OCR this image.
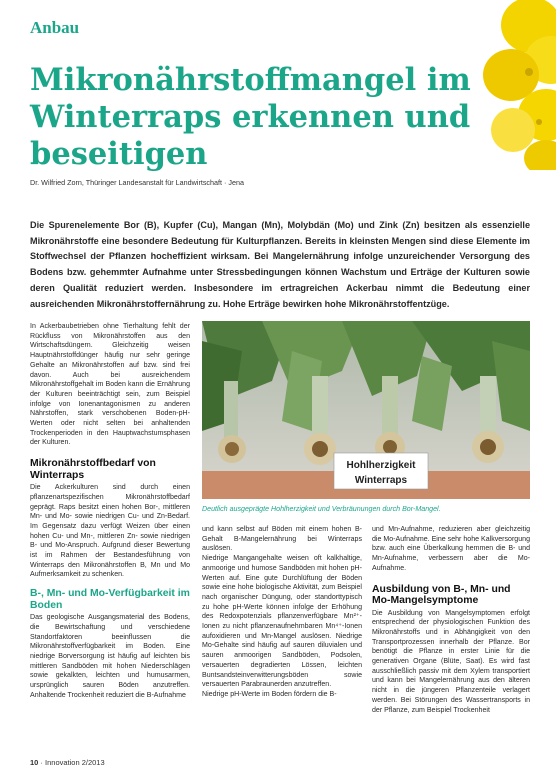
Anbau
Mikronährstoffmangel im
Winterraps erkennen und
beseitigen
Dr. Wilfried Zorn, Thüringer Landesanstalt für Landwirtschaft · Jena

Die Spurenelemente Bor (B), Kupfer (Cu), Mangan (Mn), Molybdän (Mo) und Zink (Zn) besitzen als essenzielle Mikronährstoffe eine besondere Bedeutung für Kulturpflanzen. Bereits in kleinsten Mengen sind diese Elemente im Stoffwechsel der Pflanzen hocheffizient wirksam. Bei Mangelernährung infolge unzureichender Versorgung des Bodens bzw. gehemmter Aufnahme unter Stressbedingungen können Wachstum und Erträge der Kulturen sowie deren Qualität reduziert werden. Insbesondere im ertragreichen Ackerbau nimmt die Bedeutung einer ausreichenden Mikronährstoffernährung zu. Hohe Erträge bewirken hohe Mikronährstoffentzüge.

In Ackerbaubetrieben ohne Tierhaltung fehlt der Rückfluss von Mikronährstoffen aus den Wirtschaftsdüngern. Gleichzeitig weisen Hauptnährstoffdünger häufig nur sehr geringe Gehalte an Mikronährstoffen auf bzw. sind frei davon. Auch bei ausreichendem Mikronährstoffgehalt im Boden kann die Ernährung der Kulturen beeinträchtigt sein, zum Beispiel infolge von Ionenantagonismen zu anderen Nährstoffen, stark verschobenen Boden-pH-Werten oder nicht selten bei anhaltenden Trockenperioden in den Hauptwachstumsphasen der Kulturen.

Mikronährstoffbedarf von Winterraps

Die Ackerkulturen sind durch einen pflanzenartspezifischen Mikronährstoffbedarf geprägt. Raps besitzt einen hohen Bor-, mittleren Mn- und Mo- sowie niedrigen Cu- und Zn-Bedarf. Im Gegensatz dazu verfügt Weizen über einen hohen Cu- und Mn-, mittleren Zn- sowie niedrigen B- und Mo-Anspruch. Aufgrund dieser Bewertung ist im Rahmen der Bestandesführung von Winterraps den Mikronährstoffen B, Mn und Mo Aufmerksamkeit zu schenken.

B-, Mn- und Mo-Verfügbarkeit im Boden

Das geologische Ausgangsmaterial des Bodens, die Bewirtschaftung und verschiedene Standortfaktoren beeinflussen die Mikronährstoffverfügbarkeit im Boden. Eine niedrige Borversorgung ist häufig auf leichten bis mittleren Sandböden mit hohen Niederschlägen sowie gekalkten, leichten und humusarmen, ursprünglich sauren Böden anzutreffen. Anhaltende Trockenheit reduziert die B-Aufnahme

Hohlherzigkeit
Winterraps
Deutlich ausgeprägte Hohlherzigkeit und Verbräunungen durch Bor-Mangel.

und kann selbst auf Böden mit einem hohen B-Gehalt B-Mangelernährung bei Winterraps auslösen.

Niedrige Mangangehalte weisen oft kalkhaltige, anmoorige und humose Sandböden mit hohen pH-Werten auf. Eine gute Durchlüftung der Böden sowie eine hohe biologische Aktivität, zum Beispiel nach organischer Düngung, oder standorttypisch zu hohe pH-Werte können infolge der Erhöhung des Redoxpotenzials pflanzenverfügbare Mn²⁺-Ionen zu nicht pflanzenaufnehmbaren Mn⁴⁺-Ionen aufoxidieren und Mn-Mangel auslösen. Niedrige Mo-Gehalte sind häufig auf sauren diluvialen und sauren anmoorigen Sandböden, Podsolen, versauerten degradierten Lössen, leichten Buntsandsteinverwitterungsböden sowie versauerten Parabraunerden anzutreffen.

Niedrige pH-Werte im Boden fördern die B-

und Mn-Aufnahme, reduzieren aber gleichzeitig die Mo-Aufnahme. Eine sehr hohe Kalkversorgung bzw. auch eine Überkalkung hemmen die B- und Mn-Aufnahme, verbessern aber die Mo-Aufnahme.

Ausbildung von B-, Mn- und Mo-Mangelsymptome

Die Ausbildung von Mangelsymptomen erfolgt entsprechend der physiologischen Funktion des Mikronährstoffs und in Abhängigkeit von den Transportprozessen innerhalb der Pflanze. Bor benötigt die Pflanze in erster Linie für die generativen Organe (Blüte, Saat). Es wird fast ausschließlich passiv mit dem Xylem transportiert und kann bei Mangelernährung aus den älteren nicht in die jüngeren Pflanzenteile verlagert werden. Bei Störungen des Wassertransports in der Pflanze, zum Beispiel Trockenheit

10 · Innovation 2/2013
